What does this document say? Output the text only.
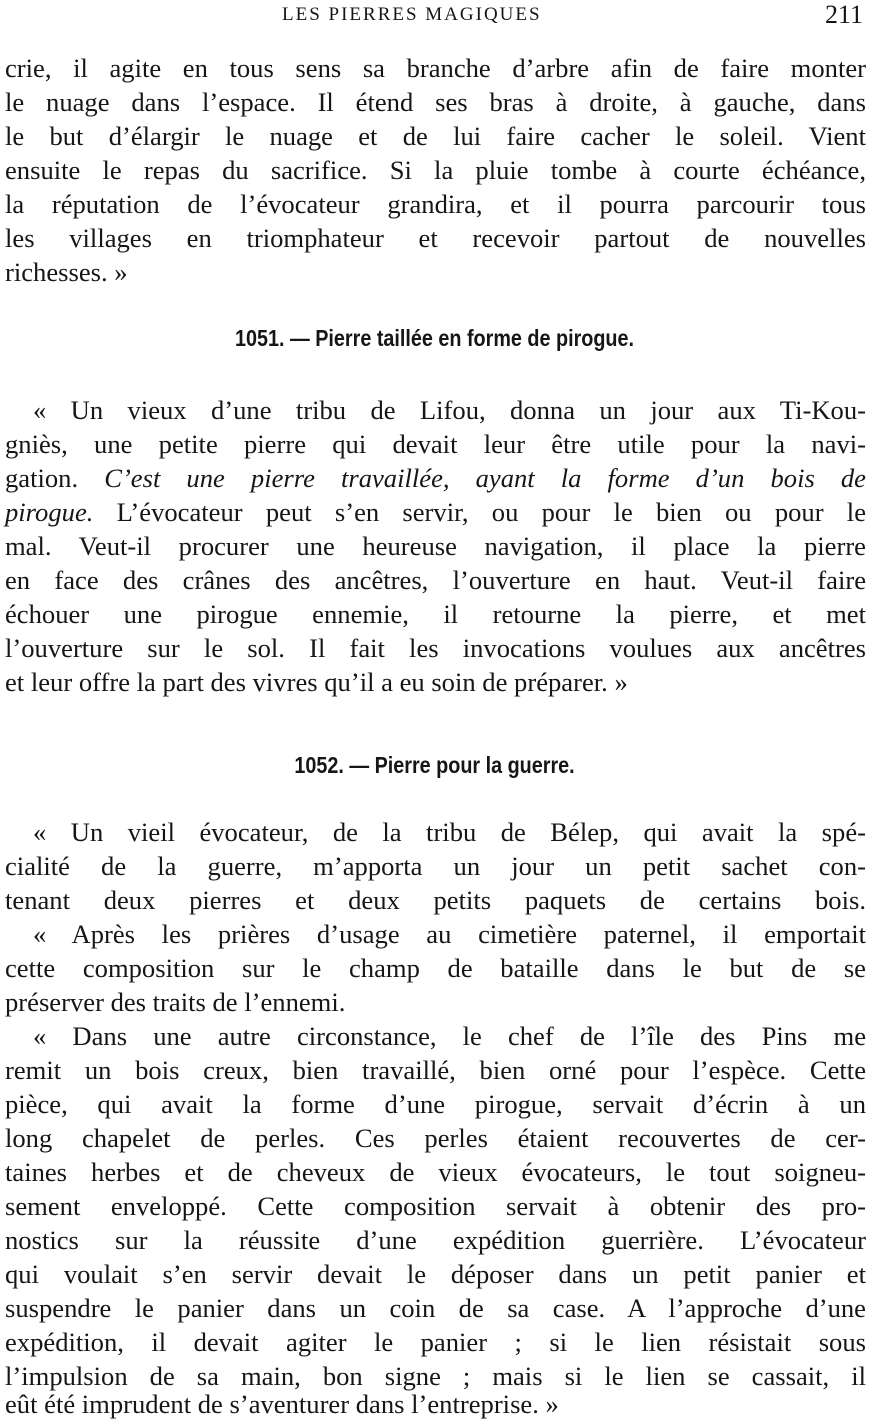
LES PIERRES MAGIQUES	211
crie, il agite en tous sens sa branche d’arbre afin de faire monter
le nuage dans l’espace. Il étend ses bras à droite, à gauche, dans
le but d’élargir le nuage et de lui faire cacher le soleil. Vient
ensuite le repas du sacrifice. Si la pluie tombe à courte échéance,
la réputation de l’évocateur grandira, et il pourra parcourir tous
les villages en triomphateur et recevoir partout de nouvelles
richesses. »
1051. — Pierre taillée en forme de pirogue.
« Un vieux d’une tribu de Lifou, donna un jour aux Ti-Kou-
gniès, une petite pierre qui devait leur être utile pour la navi-
gation. C’est une pierre travaillée, ayant la forme d’un bois de
pirogue. L’évocateur peut s’en servir, ou pour le bien ou pour le
mal. Veut-il procurer une heureuse navigation, il place la pierre
en face des crânes des ancêtres, l’ouverture en haut. Veut-il faire
échouer une pirogue ennemie, il retourne la pierre, et met
l’ouverture sur le sol. Il fait les invocations voulues aux ancêtres
et leur offre la part des vivres qu’il a eu soin de préparer. »
1052. — Pierre pour la guerre.
« Un vieil évocateur, de la tribu de Bélep, qui avait la spé-
cialité de la guerre, m’apporta un jour un petit sachet con-
tenant deux pierres et deux petits paquets de certains bois.
« Après les prières d’usage au cimetière paternel, il emportait
cette composition sur le champ de bataille dans le but de se
préserver des traits de l’ennemi.
« Dans une autre circonstance, le chef de l’île des Pins me
remit un bois creux, bien travaillé, bien orné pour l’espèce. Cette
pièce, qui avait la forme d’une pirogue, servait d’écrin à un
long chapelet de perles. Ces perles étaient recouvertes de cer-
taines herbes et de cheveux de vieux évocateurs, le tout soigneu-
sement enveloppé. Cette composition servait à obtenir des pro-
nostics sur la réussite d’une expédition guerrière. L’évocateur
qui voulait s’en servir devait le déposer dans un petit panier et
suspendre le panier dans un coin de sa case. A l’approche d’une
expédition, il devait agiter le panier ; si le lien résistait sous
l’impulsion de sa main, bon signe ; mais si le lien se cassait, il
eût été imprudent de s’aventurer dans l’entreprise. »
